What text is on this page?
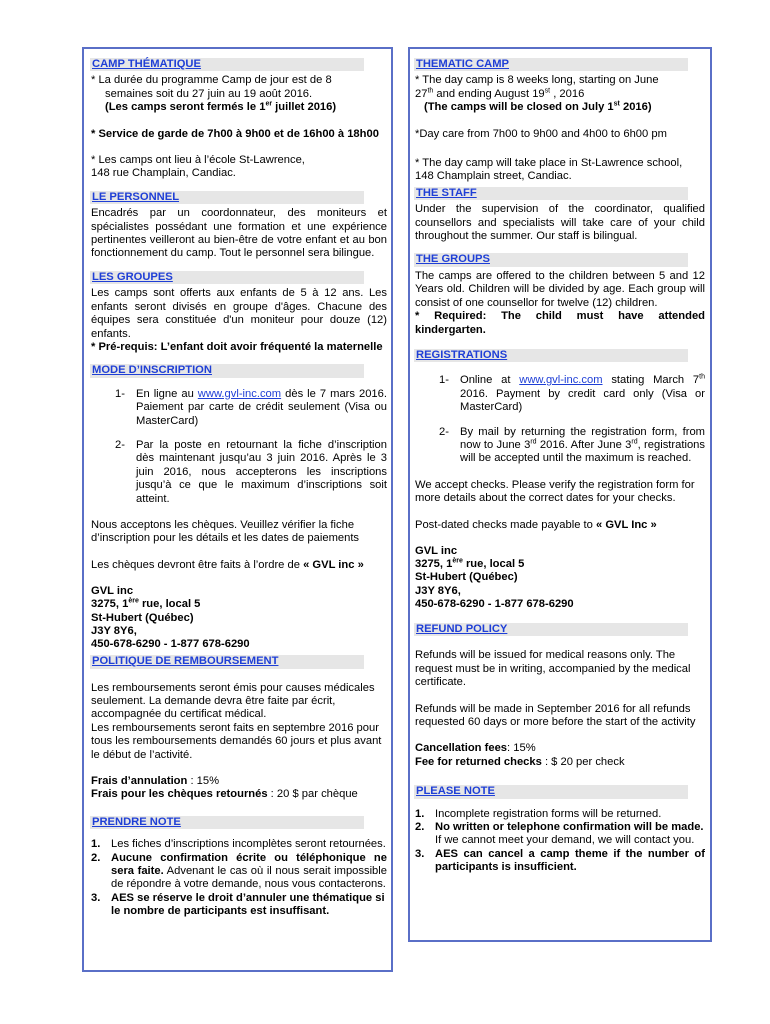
CAMP THÉMATIQUE

* La durée du programme Camp de jour est de 8

semaines soit du 27 juin au 19 août 2016.

(Les camps seront fermés le 1er juillet 2016)

* Service de garde de 7h00 à 9h00 et de 16h00 à 18h00

* Les camps ont lieu à l’école St-Lawrence,

148 rue Champlain, Candiac.

LE PERSONNEL

Encadrés par un coordonnateur, des moniteurs et spécialistes possédant une formation et une expérience pertinentes veilleront au bien-être de votre enfant et au bon fonctionnement du camp. Tout le personnel sera bilingue.

LES GROUPES

Les camps sont offerts aux enfants de 5 à 12 ans. Les enfants seront divisés en groupe d'âges. Chacune des équipes sera constituée d'un moniteur pour douze (12) enfants.

* Pré-requis: L’enfant doit avoir fréquenté la maternelle

MODE D’INSCRIPTION
1- En ligne au www.gvl-inc.com dès le 7 mars 2016. Paiement par carte de crédit seulement (Visa ou MasterCard)
2- Par la poste en retournant la fiche d’inscription dès maintenant jusqu’au 3 juin 2016. Après le 3 juin 2016, nous accepterons les inscriptions jusqu’à ce que le maximum d’inscriptions soit atteint.

Nous acceptons les chèques. Veuillez vérifier la fiche d’inscription pour les détails et les dates de paiements

Les chèques devront être faits à l’ordre de « GVL inc »

GVL inc

3275, 1ère rue, local 5

St-Hubert (Québec)

J3Y 8Y6,

450-678-6290 - 1-877 678-6290

POLITIQUE DE REMBOURSEMENT

Les remboursements seront émis pour causes médicales seulement. La demande devra être faite par écrit, accompagnée du certificat médical.

Les remboursements seront faits en septembre 2016 pour tous les remboursements demandés 60 jours et plus avant le début de l’activité.

Frais d’annulation : 15%

Frais pour les chèques retournés : 20 $ par chèque

PRENDRE NOTE
1. Les fiches d’inscriptions incomplètes seront retournées.
2. Aucune confirmation écrite ou téléphonique ne sera faite. Advenant le cas où il nous serait impossible de répondre à votre demande, nous vous contacterons.
3. AES se réserve le droit d’annuler une thématique si le nombre de participants est insuffisant.
THEMATIC CAMP

* The day camp is 8 weeks long, starting on June

27th and ending August 19st , 2016

(The camps will be closed on July 1st 2016)

*Day care from 7h00 to 9h00 and 4h00 to 6h00 pm

* The day camp will take place in St-Lawrence school,

148 Champlain street, Candiac.

THE STAFF

Under the supervision of the coordinator, qualified counsellors and specialists will take care of your child throughout the summer. Our staff is bilingual.

THE GROUPS

The camps are offered to the children between 5 and 12 Years old. Children will be divided by age. Each group will consist of one counsellor for twelve (12) children.

* Required: The child must have attended kindergarten.

REGISTRATIONS
1- Online at www.gvl-inc.com stating March 7th 2016. Payment by credit card only (Visa or MasterCard)
2- By mail by returning the registration form, from now to June 3rd 2016. After June 3rd, registrations will be accepted until the maximum is reached.

We accept checks. Please verify the registration form for more details about the correct dates for your checks.

Post-dated checks made payable to « GVL Inc »

GVL inc

3275, 1ère rue, local 5

St-Hubert (Québec)

J3Y 8Y6,

450-678-6290 - 1-877 678-6290

REFUND POLICY

Refunds will be issued for medical reasons only. The request must be in writing, accompanied by the medical certificate.

Refunds will be made in September 2016 for all refunds requested 60 days or more before the start of the activity

Cancellation fees: 15%

Fee for returned checks : $ 20 per check

PLEASE NOTE
1. Incomplete registration forms will be returned.
2. No written or telephone confirmation will be made. If we cannot meet your demand, we will contact you.
3. AES can cancel a camp theme if the number of participants is insufficient.
